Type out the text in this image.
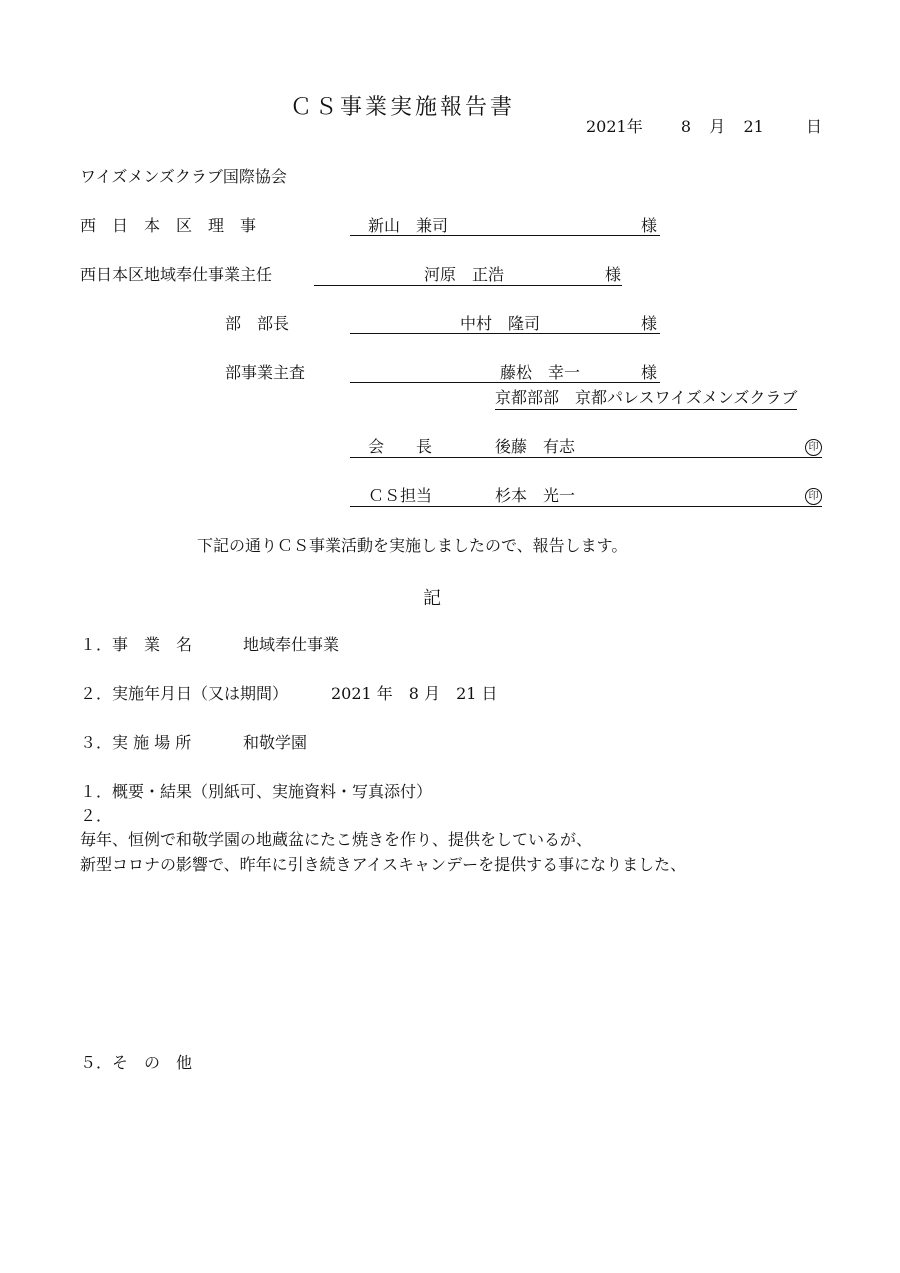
ＣＳ事業実施報告書
2021年 8 月 21	日
ワイズメンズクラブ国際協会
西　日　本　区　理　事	新山　兼司	様
西日本区地域奉仕事業主任	河原　正浩	様
部　部長	中村　隆司	様
部事業主査	藤松　幸一	様
京都部部　京都パレスワイズメンズクラブ
会　　長	後藤　有志	印
ＣＳ担当	杉本　光一	印
下記の通りＣＳ事業活動を実施しましたので、報告します。
記
１．事　業　名	地域奉仕事業
２．実施年月日（又は期間）	2021 年　8 月　21 日
３．実 施 場 所	和敬学園
１．概要・結果（別紙可、実施資料・写真添付）
２．
毎年、恒例で和敬学園の地蔵盆にたこ焼きを作り、提供をしているが、
新型コロナの影響で、昨年に引き続きアイスキャンデーを提供する事になりました、
５．そ　の　他
